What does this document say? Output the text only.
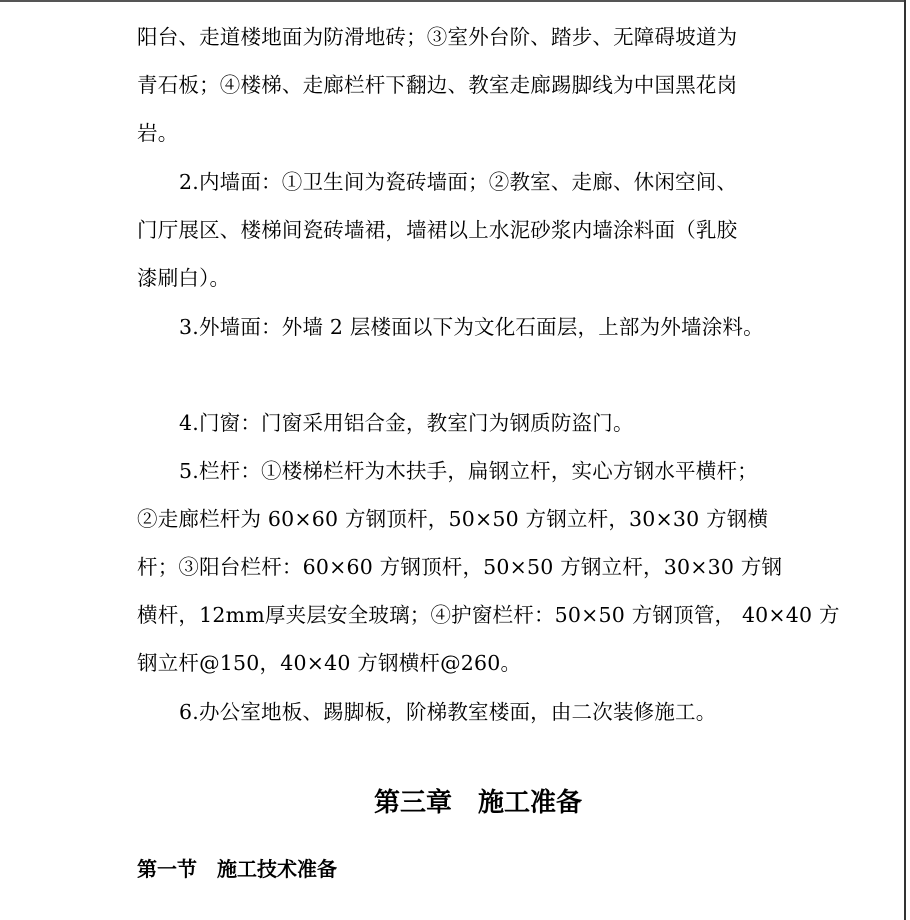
阳台、走道楼地面为防滑地砖；③室外台阶、踏步、无障碍坡道为
青石板；④楼梯、走廊栏杆下翻边、教室走廊踢脚线为中国黑花岗
岩。
2.内墙面：①卫生间为瓷砖墙面；②教室、走廊、休闲空间、
门厅展区、楼梯间瓷砖墙裙，墙裙以上水泥砂浆内墙涂料面（乳胶
漆刷白）。
3.外墙面：外墙 2 层楼面以下为文化石面层，上部为外墙涂料。
4.门窗：门窗采用铝合金，教室门为钢质防盗门。
5.栏杆：①楼梯栏杆为木扶手，扁钢立杆，实心方钢水平横杆；
②走廊栏杆为 60×60 方钢顶杆，50×50 方钢立杆，30×30 方钢横
杆；③阳台栏杆：60×60 方钢顶杆，50×50 方钢立杆，30×30 方钢
横杆，12mm厚夹层安全玻璃；④护窗栏杆：50×50 方钢顶管， 40×40 方
钢立杆@150，40×40 方钢横杆@260。
6.办公室地板、踢脚板，阶梯教室楼面，由二次装修施工。
第三章　施工准备
第一节　施工技术准备
